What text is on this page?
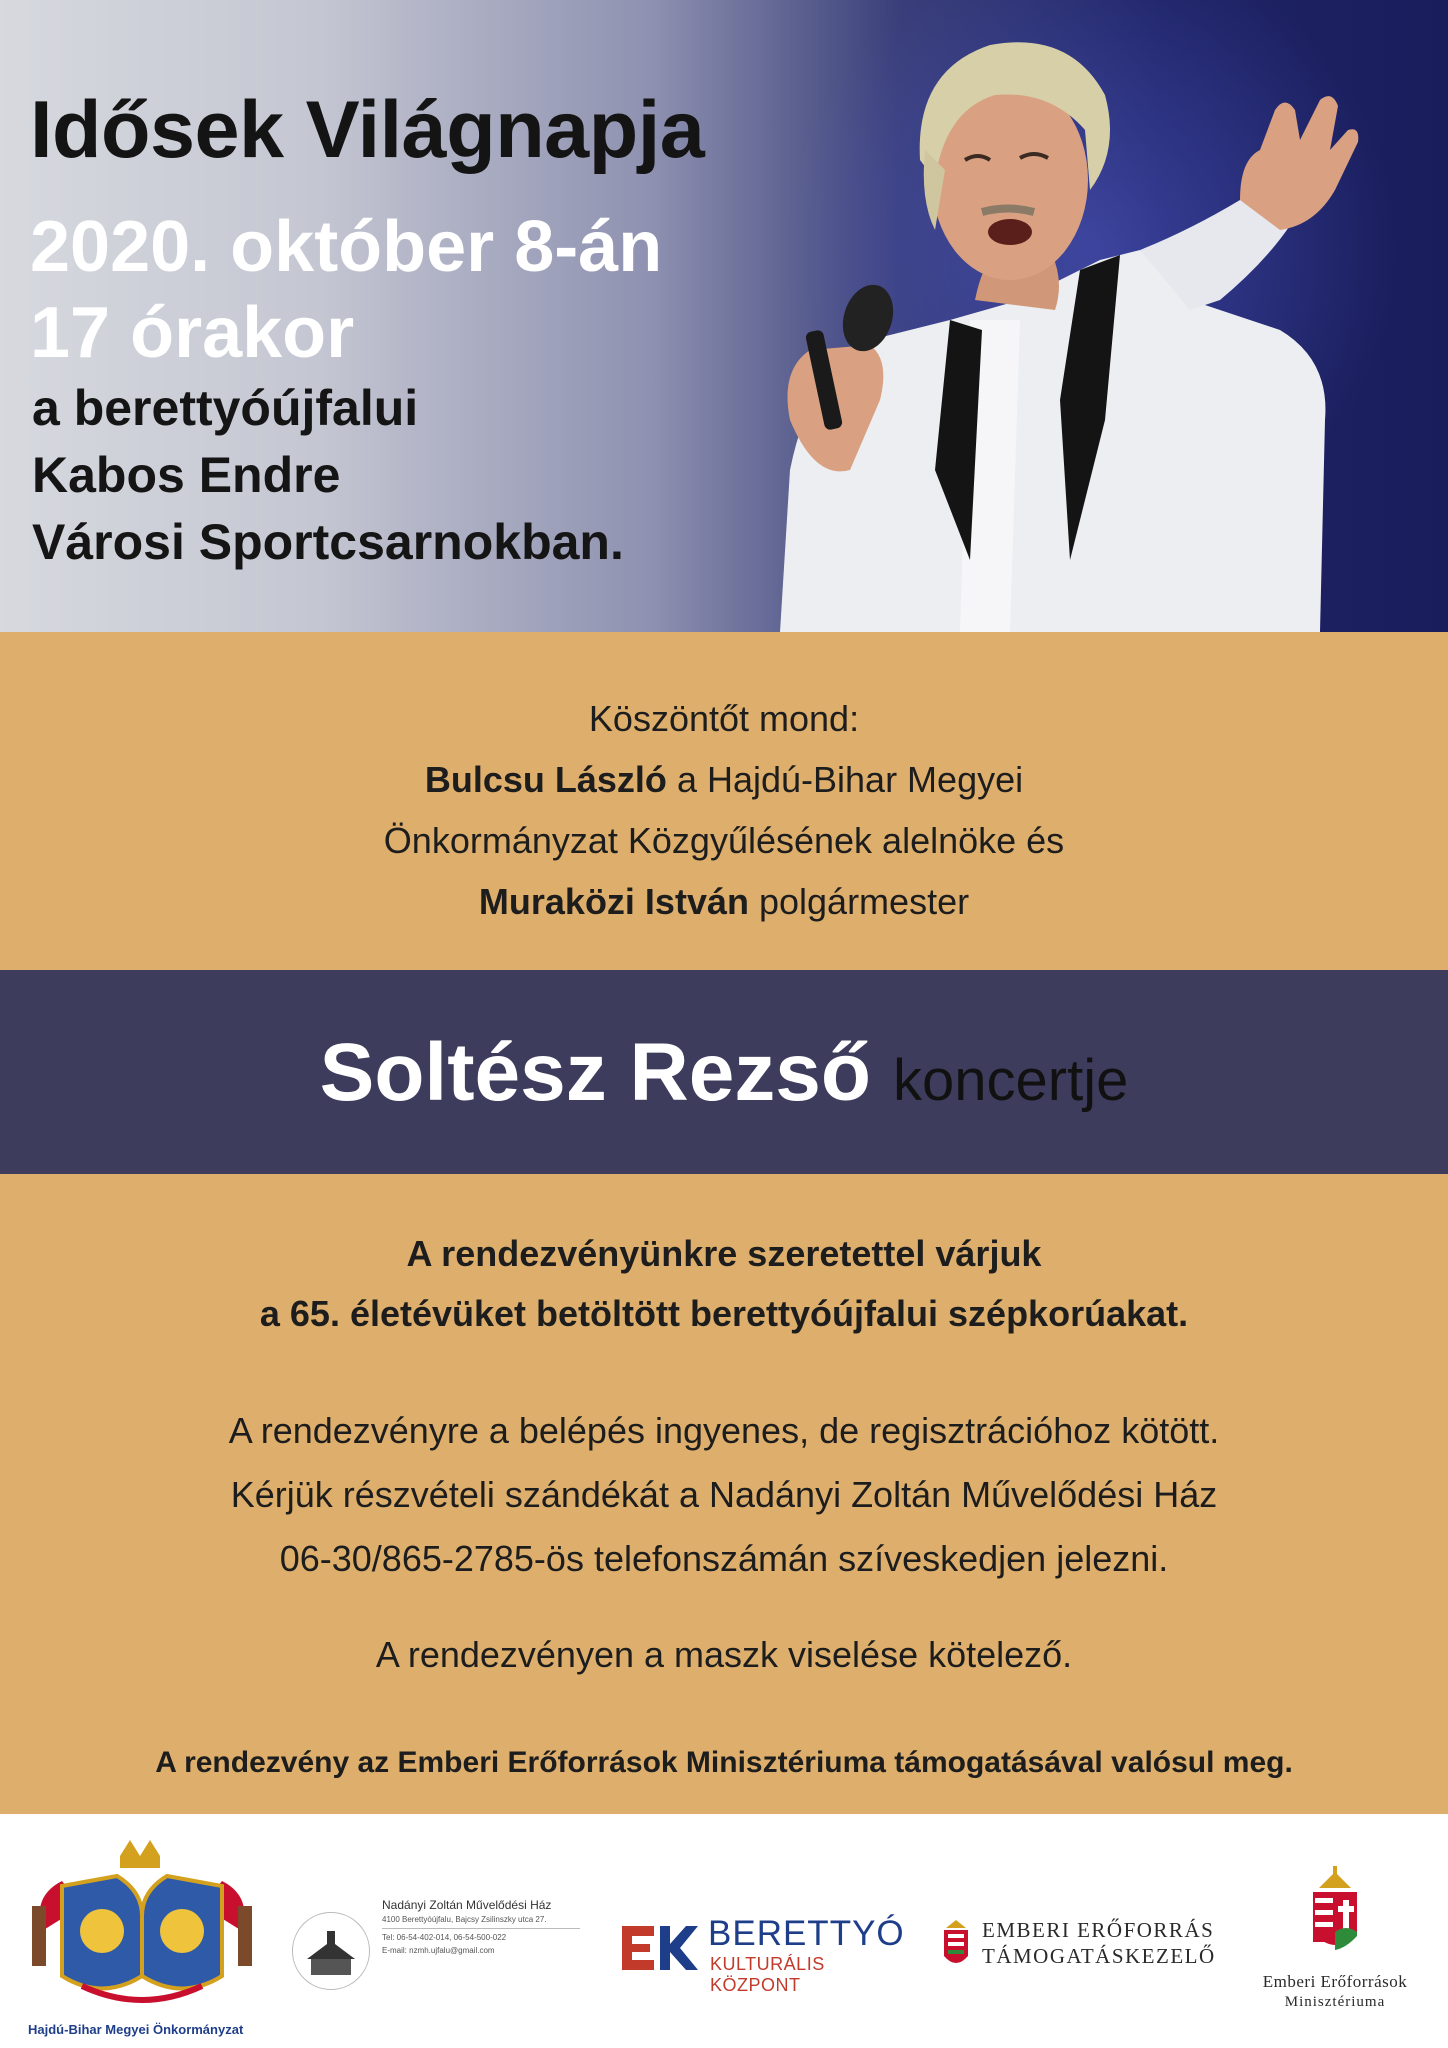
Idősek Világnapja
2020. október 8-án
17 órakor
a berettyóújfalui
Kabos Endre
Városi Sportcsarnokban.
Köszöntőt mond:
Bulcsu László a Hajdú-Bihar Megyei
Önkormányzat Közgyűlésének alelnöke és
Muraközi István polgármester
Soltész Rezső koncertje
A rendezvényünkre szeretettel várjuk
a 65. életévüket betöltött berettyóújfalui szépkorúakat.
A rendezvényre a belépés ingyenes, de regisztrációhoz kötött.
Kérjük részvételi szándékát a Nadányi Zoltán Művelődési Ház
06-30/865-2785-ös telefonszámán szíveskedjen jelezni.
A rendezvényen a maszk viselése kötelező.
A rendezvény az Emberi Erőforrások Minisztériuma támogatásával valósul meg.
Hajdú-Bihar Megyei Önkormányzat
Nadányi Zoltán Művelődési Ház
4100 Berettyóújfalu, Bajcsy Zsilinszky utca 27.
Tel: 06-54-402-014, 06-54-500-022
E-mail: nzmh.ujfalu@gmail.com	BERETTYÓ
KULTURÁLIS KÖZPONT
EMBERI ERŐFORRÁS
TÁMOGATÁSKEZELŐ
Emberi Erőforrások
Minisztériuma
